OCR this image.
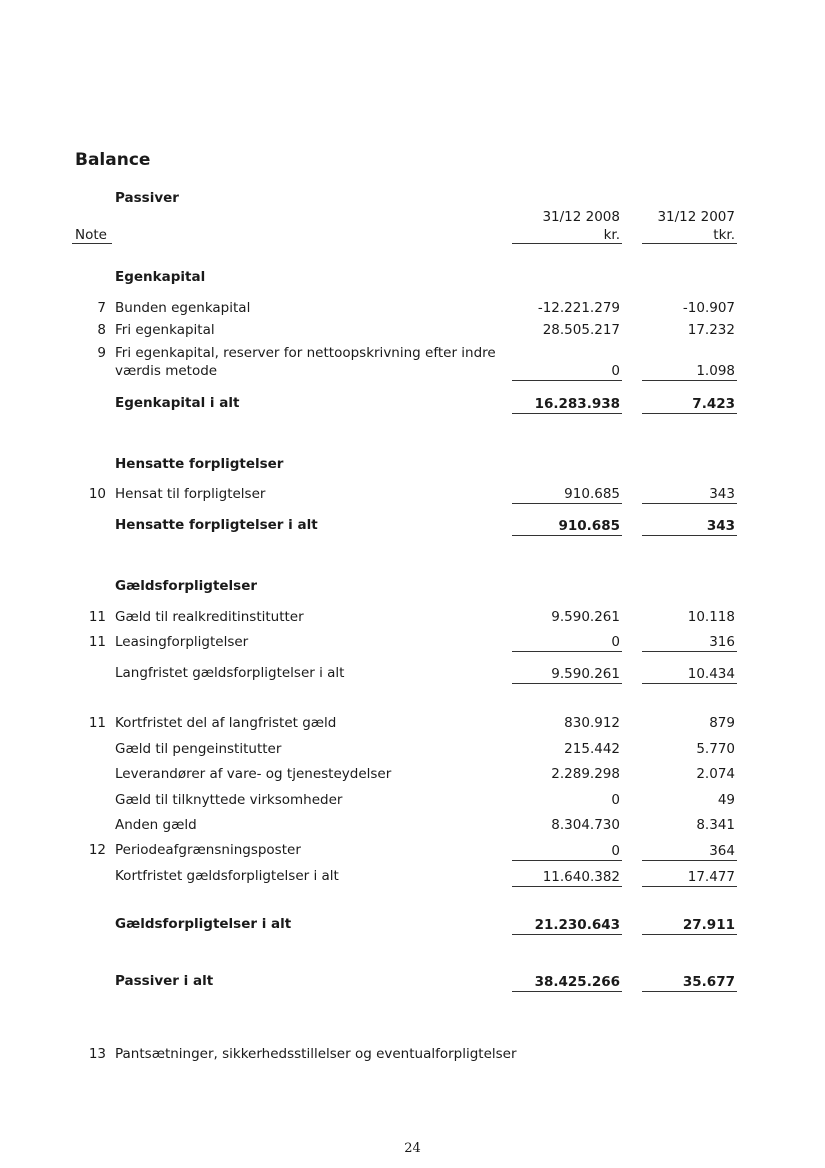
Balance
Passiver
31/12 2008	31/12 2007
Note	kr.	tkr.
Egenkapital
7 Bunden egenkapital	-12.221.279	-10.907
8 Fri egenkapital	28.505.217	17.232
9 Fri egenkapital, reserver for nettoopskrivning efter indre
værdis metode	0	1.098
Egenkapital i alt	16.283.938	7.423
Hensatte forpligtelser
10 Hensat til forpligtelser	910.685	343
Hensatte forpligtelser i alt	910.685	343
Gældsforpligtelser
11 Gæld til realkreditinstitutter	9.590.261	10.118
11 Leasingforpligtelser	0	316
Langfristet gældsforpligtelser i alt	9.590.261	10.434
11 Kortfristet del af langfristet gæld	830.912	879
Gæld til pengeinstitutter	215.442	5.770
Leverandører af vare- og tjenesteydelser	2.289.298	2.074
Gæld til tilknyttede virksomheder	0	49
Anden gæld	8.304.730	8.341
12 Periodeafgrænsningsposter	0	364
Kortfristet gældsforpligtelser i alt	11.640.382	17.477
Gældsforpligtelser i alt	21.230.643	27.911
Passiver i alt	38.425.266	35.677
13 Pantsætninger, sikkerhedsstillelser og eventualforpligtelser
24
